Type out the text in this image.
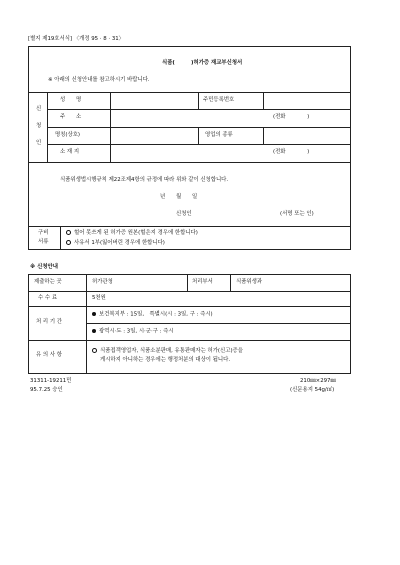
[별지 제19호서식] 〈개정 95 · 8 · 31〉
식품(　　　)허가증 재교부신청서
※ 아래의 신청안내를 참고하시기 바랍니다.
신
청
인
성　　명	주민등록번호
주　　소	(전화　　　　)
명칭(상호)	영업의 종류
소 재 지	(전화　　　　)
식품위생법시행규칙 제22조제4항의 규정에 따라 위와 같이 신청합니다.
년　　월　　일
신청인	(서명 또는 인)
구비
서류
헐어 못쓰게 된 허가증 원본(헐은지 경우에 한합니다)
사유서 1부(잃어버린 경우에 한합니다)
※ 신청안내
제출하는 곳	허가관청	처리부서	식품위생과
수 수 료	5천원
처 리 기 간
보건복지부 : 15일,　특별시(시 : 3일, 구 : 즉시)
광역시·도 : 3일, 시·군·구 : 즉시
유 의 사 항
식품접객영업자, 식품소분판매, 유통판매자는 허가(신고)증을
게시하지 아니하는 경우에는 행정처분의 대상이 됩니다.
31311-19211민
95.7.25 승인
210㎜×297㎜
(신문용지 54g/㎡)
